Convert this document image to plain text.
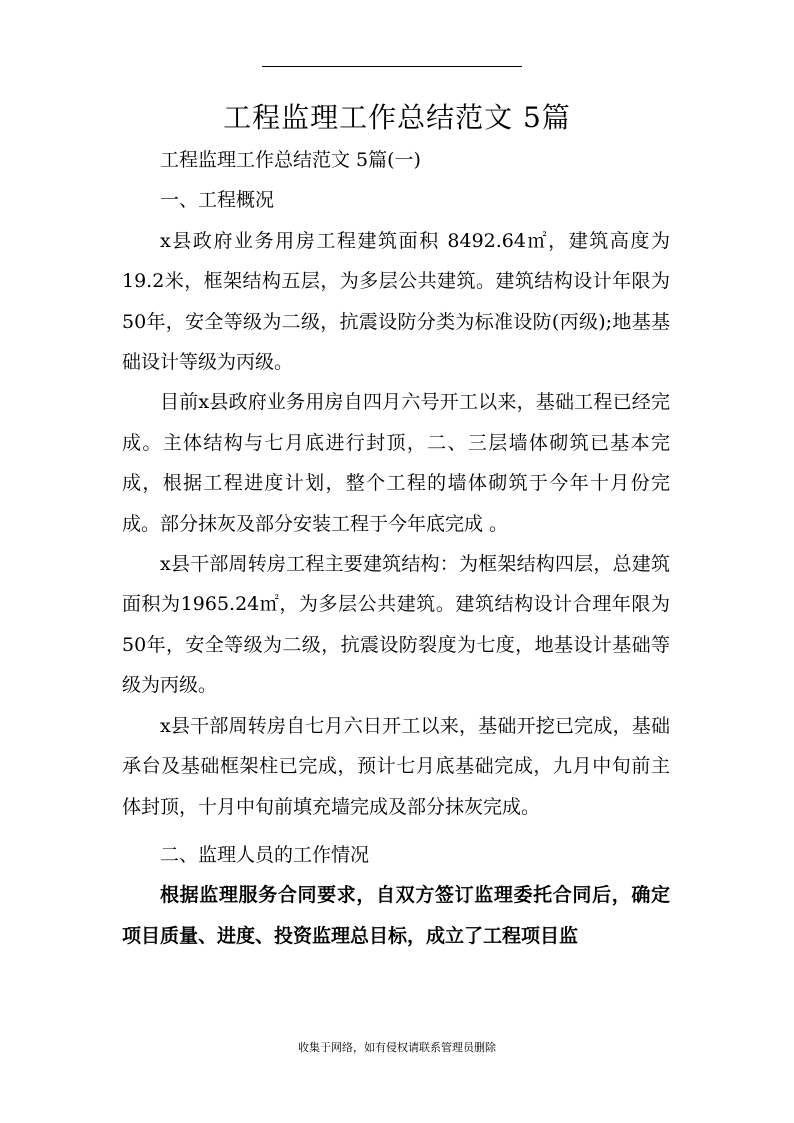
工程监理工作总结范文 5篇

工程监理工作总结范文 5篇(一)

一、工程概况

x县政府业务用房工程建筑面积 8492.64㎡，建筑高度为19.2米，框架结构五层，为多层公共建筑。建筑结构设计年限为50年，安全等级为二级，抗震设防分类为标准设防(丙级);地基基础设计等级为丙级。

目前x县政府业务用房自四月六号开工以来，基础工程已经完成。主体结构与七月底进行封顶，二、三层墙体砌筑已基本完成，根据工程进度计划，整个工程的墙体砌筑于今年十月份完成。部分抹灰及部分安装工程于今年底完成 。

x县干部周转房工程主要建筑结构：为框架结构四层，总建筑面积为1965.24㎡，为多层公共建筑。建筑结构设计合理年限为50年，安全等级为二级，抗震设防裂度为七度，地基设计基础等级为丙级。

x县干部周转房自七月六日开工以来，基础开挖已完成，基础承台及基础框架柱已完成，预计七月底基础完成，九月中旬前主体封顶，十月中旬前填充墙完成及部分抹灰完成。

二、监理人员的工作情况

根据监理服务合同要求，自双方签订监理委托合同后，确定项目质量、进度、投资监理总目标，成立了工程项目监

收集于网络，如有侵权请联系管理员删除
